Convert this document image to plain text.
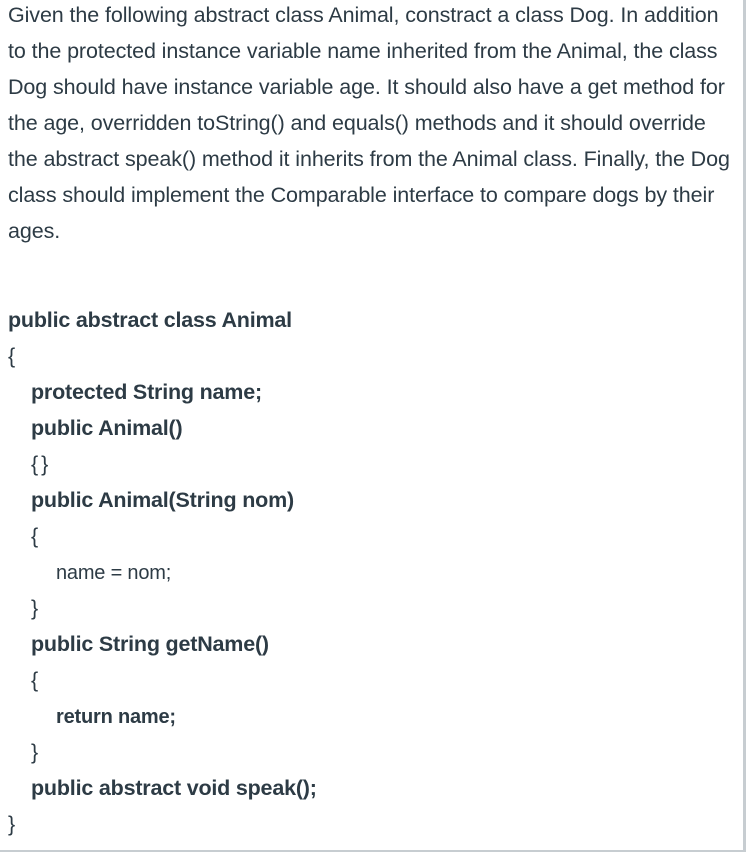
Given the following abstract class Animal, constract a class Dog. In addition to the protected instance variable name inherited from the Animal, the class Dog should have instance variable age. It should also have a get method for the age, overridden toString() and equals() methods and it should override the abstract speak() method it inherits from the Animal class. Finally, the Dog class should implement the Comparable interface to compare dogs by their ages.

public abstract class Animal
{
protected String name;
public Animal()
{}
public Animal(String nom)
{
name = nom;
}
public String getName()
{
return name;
}
public abstract void speak();
}
